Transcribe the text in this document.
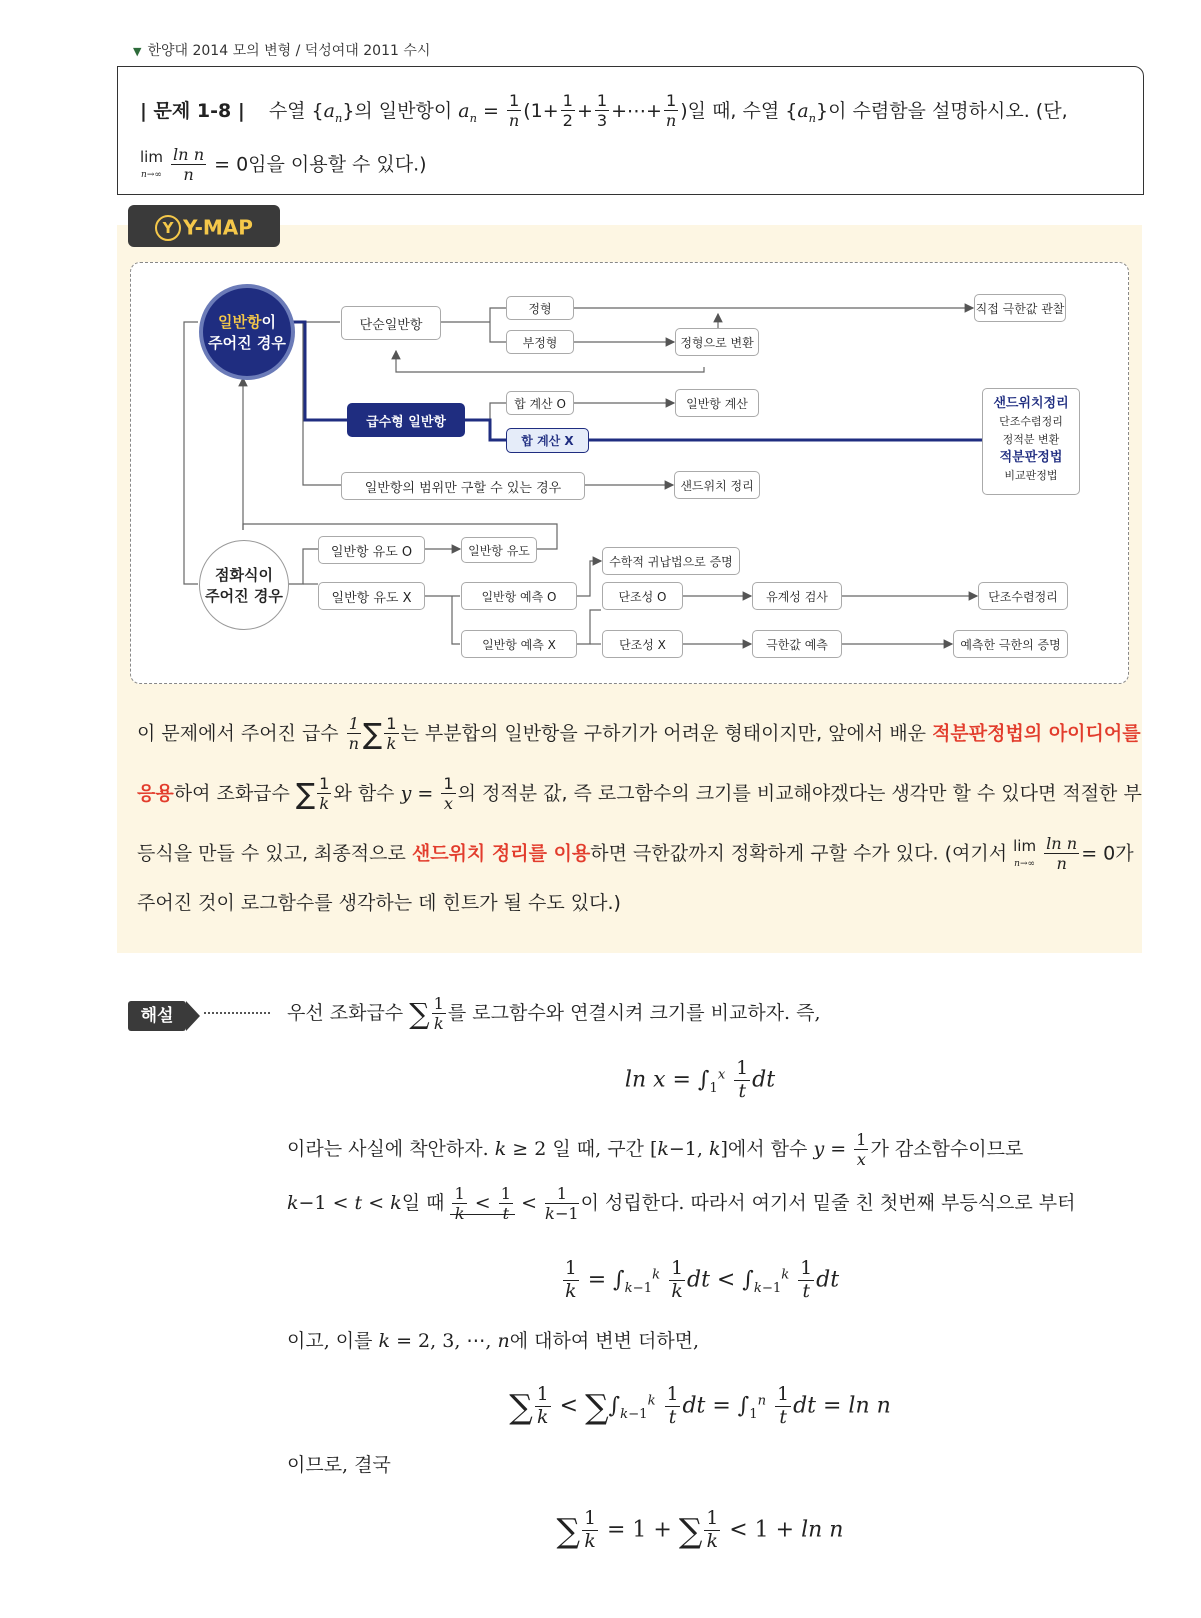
▼ 한양대 2014 모의 변형 / 덕성여대 2011 수시
| 문제 1-8 | 수열 $\{a_n\}$의 일반항이 $a_n = \frac{1}{n} (1+ \frac{1}{2} + \frac{1}{3}$ +⋯+ $\frac{1}{n}$ )일 때, 수열 $\{a_n\}$이 수렴함을 설명하시오. (단,
lim
$n\to\infty \frac{\text{ln n}}{n} = 0$임을 이용할 수 있다.)
Y Y-MAP
일반항이
주어진 경우
점화식이
주어진 경우
단순일반항
정형
부정형	정형으로 변환
직접 극한값 관찰
급수형 일반항
합 계산 O
합 계산 X
일반항 계산
일반항의 범위만 구할 수 있는 경우	샌드위치 정리
샌드위치정리
단조수렴정리
정적분 변환
적분판정법
비교판정법
일반항 유도 O	일반항 유도
일반항 유도 X
수학적 귀납법으로 증명
일반항 예측 O
일반항 예측 X
단조성 O
단조성 X
유계성 검사
극한값 예측
단조수렴정리
예측한 극한의 증명
이 문제에서 주어진 급수 $\frac{1}{n}$ ∑ $\frac{1}{k}$ 는 부분합의 일반항을 구하기가 어려운 형태이지만, 앞에서 배운 적분판정법의 아이디어를
응용하여 조화급수 ∑ $\frac{1}{k}$ 와 함수 $y = \frac{1}{x}$ 의 정적분 값, 즉 로그함수의 크기를 비교해야겠다는 생각만 할 수 있다면 적절한 부
등식을 만들 수 있고, 최종적으로 샌드위치 정리를 이용하면 극한값까지 정확하게 구할 수가 있다. (여기서 lim
$n\to\infty \frac{\text{ln n}}{n} = 0$가
주어진 것이 로그함수를 생각하는 데 힌트가 될 수도 있다.)
해설	우선 조화급수 ∑ $\frac{1}{k}$ 를 로그함수와 연결시켜 크기를 비교하자. 즉,
$\ln x = \int_1^x \frac{1}{t}$ dt
이라는 사실에 착안하자. k ≥ 2 일 때, 구간 [k−1, k]에서 함수 $y = \frac{1}{x}$ 가 감소함수이므로
k−1 < t < k일 때 $\frac{1}{k} < \frac{1}{t} < \frac{1}{k-1}$ 이 성립한다. 따라서 여기서 밑줄 친 첫번째 부등식으로 부터
$\frac{1}{k} = \int_{k-1}^k \frac{1}{k}$ dt < $\int_{k-1}^k \frac{1}{t}$ dt
이고, 이를 k = 2, 3, ⋯, n에 대하여 변변 더하면,
∑ $\frac{1}{k} < \sum\int_{k-1}^k \frac{1}{t}$ dt = $\int_1^n \frac{1}{t}$ dt = ln n
이므로, 결국
∑ $\frac{1}{k} = 1$ + ∑ $\frac{1}{k} < 1 + \ln n$
